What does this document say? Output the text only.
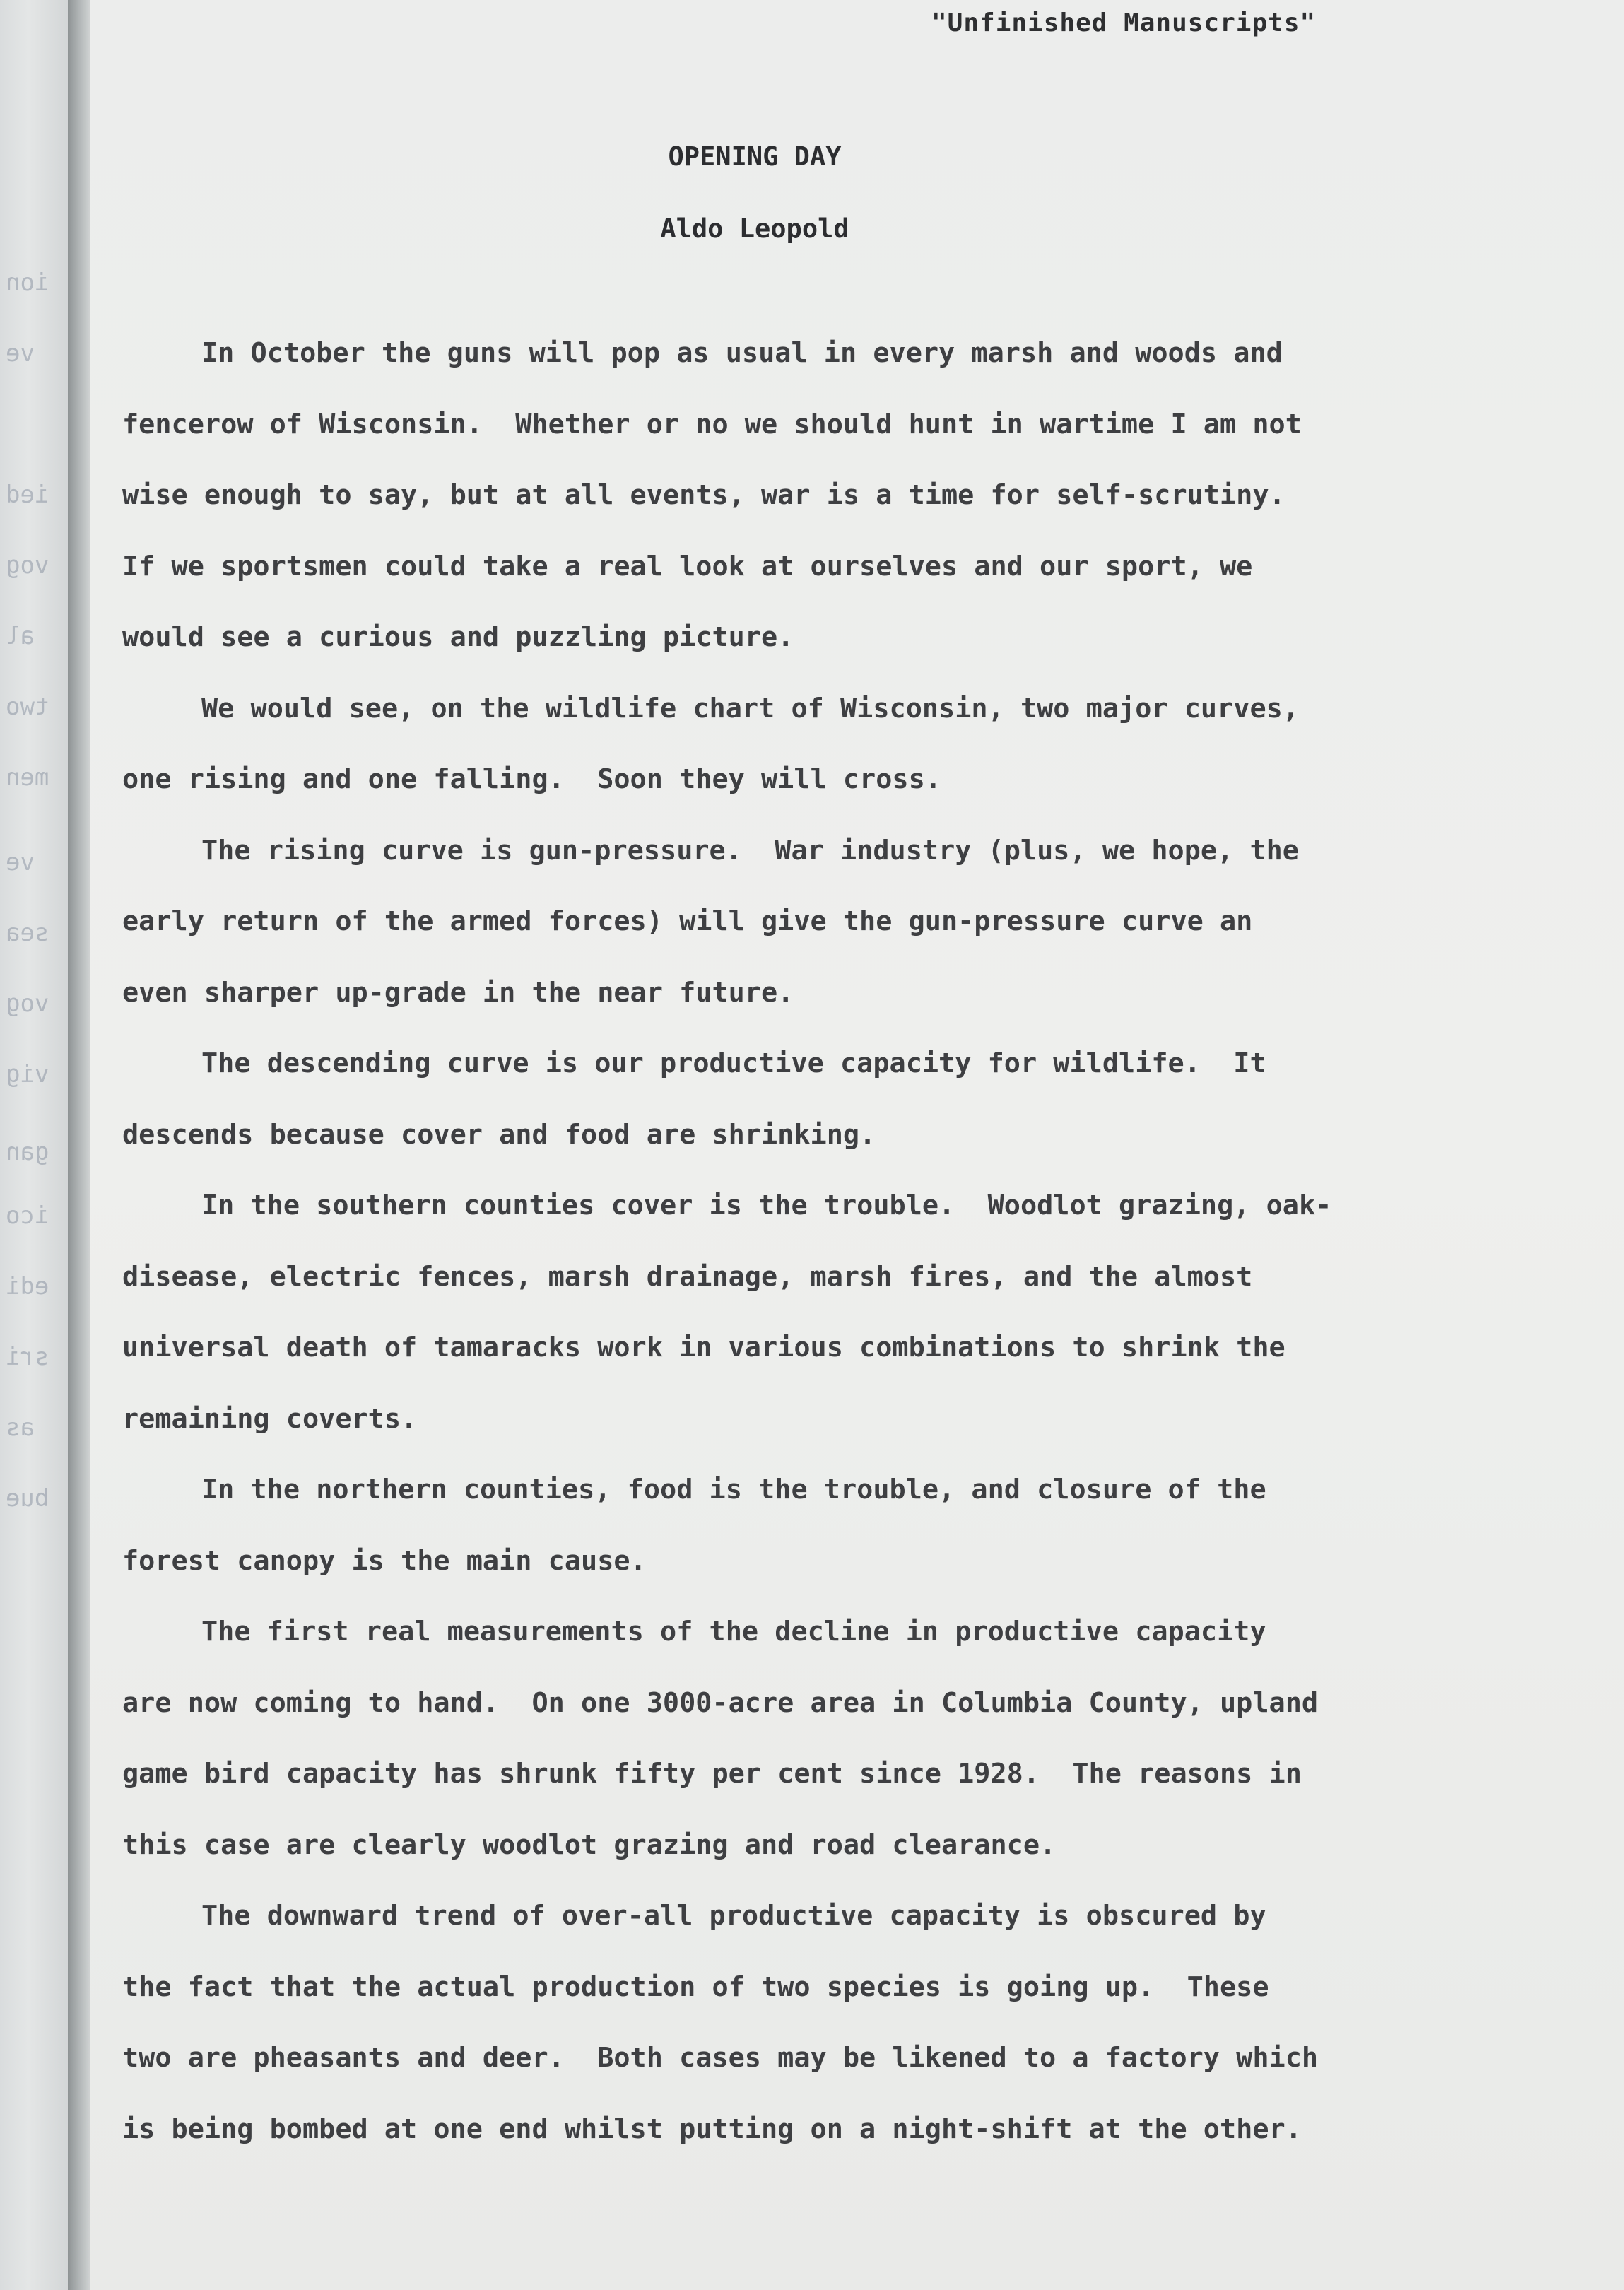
ion
ve
ied
vog
al
two
men
ve
sea
vog
vig
gan
ico
edi
sri
as
bue
"Unfinished Manuscripts"
OPENING DAY
Aldo Leopold

In October the guns will pop as usual in every marsh and woods and
fencerow of Wisconsin.  Whether or no we should hunt in wartime I am not
wise enough to say, but at all events, war is a time for self-scrutiny.
If we sportsmen could take a real look at ourselves and our sport, we
would see a curious and puzzling picture.

We would see, on the wildlife chart of Wisconsin, two major curves,
one rising and one falling.  Soon they will cross.

The rising curve is gun-pressure.  War industry (plus, we hope, the
early return of the armed forces) will give the gun-pressure curve an
even sharper up-grade in the near future.

The descending curve is our productive capacity for wildlife.  It
descends because cover and food are shrinking.

In the southern counties cover is the trouble.  Woodlot grazing, oak-
disease, electric fences, marsh drainage, marsh fires, and the almost
universal death of tamaracks work in various combinations to shrink the
remaining coverts.

In the northern counties, food is the trouble, and closure of the
forest canopy is the main cause.

The first real measurements of the decline in productive capacity
are now coming to hand.  On one 3000-acre area in Columbia County, upland
game bird capacity has shrunk fifty per cent since 1928.  The reasons in
this case are clearly woodlot grazing and road clearance.

The downward trend of over-all productive capacity is obscured by
the fact that the actual production of two species is going up.  These
two are pheasants and deer.  Both cases may be likened to a factory which
is being bombed at one end whilst putting on a night-shift at the other.
